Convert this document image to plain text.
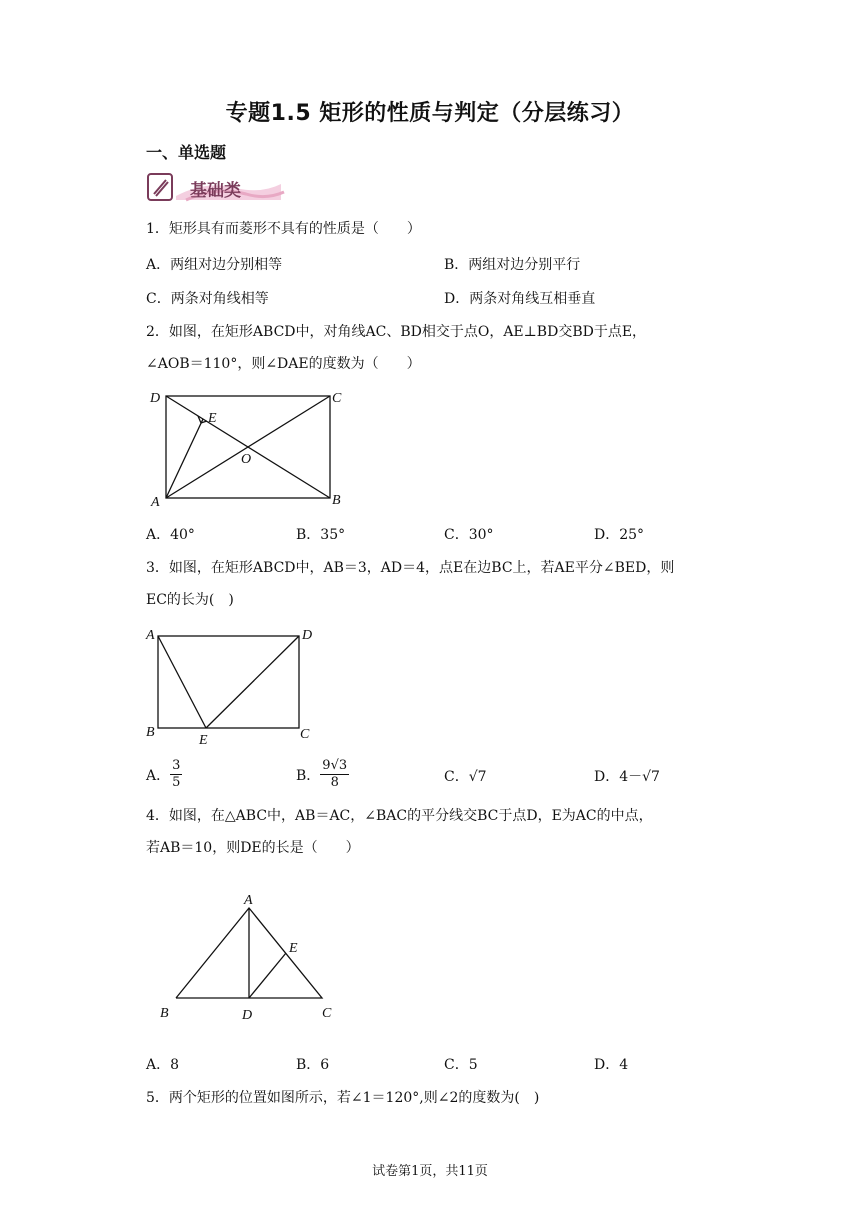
专题1.5 矩形的性质与判定（分层练习）
一、单选题
基础类
1．矩形具有而菱形不具有的性质是（　　）
A．两组对边分别相等	B．两组对边分别平行
C．两条对角线相等	D．两条对角线互相垂直
2．如图，在矩形ABCD中，对角线AC、BD相交于点O，AE⊥BD交BD于点E，
∠AOB＝110°，则∠DAE的度数为（　　）
D	C
E
O
A	B
A．40°	B．35°	C．30°	D．25°
3．如图，在矩形ABCD中，AB＝3，AD＝4，点E在边BC上，若AE平分∠BED，则
EC的长为(　)
A	D
B
E	C
A． $\frac{3}{5}$	B． $\frac{9√3}{8}$	C．√7	D．4－√7
4．如图，在△ABC中，AB＝AC，∠BAC的平分线交BC于点D，E为AC的中点，
若AB＝10，则DE的长是（　　）
A
E
B	D	C
A．8	B．6	C．5	D．4
5．两个矩形的位置如图所示，若∠1＝120°,则∠2的度数为(　)
试卷第1页，共11页
